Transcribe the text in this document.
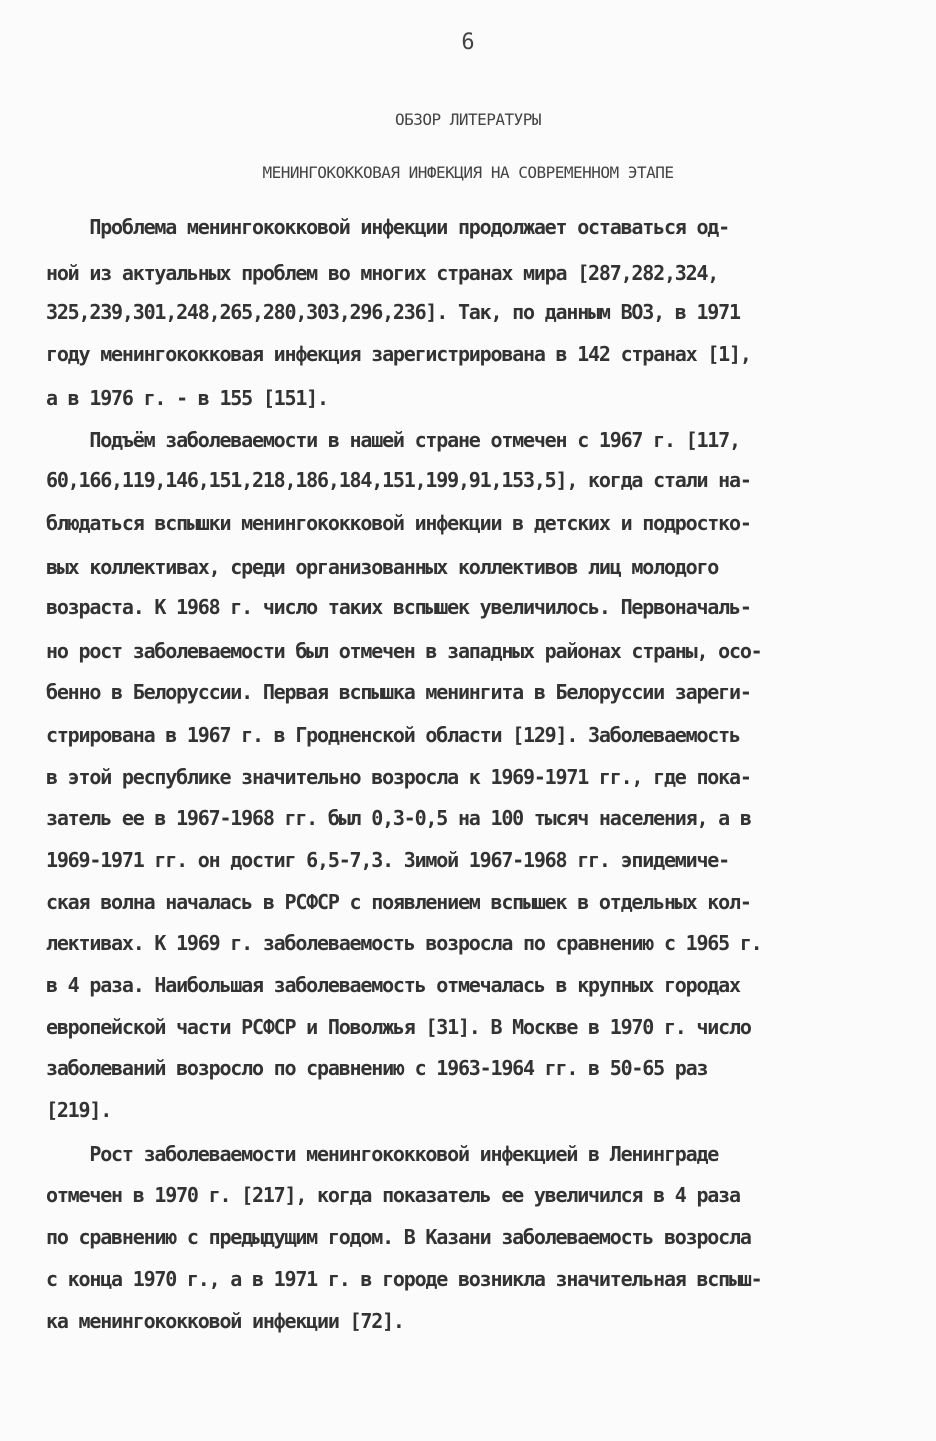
6
ОБЗОР ЛИТЕРАТУРЫ
МЕНИНГОКОККОВАЯ ИНФЕКЦИЯ НА СОВРЕМЕННОМ ЭТАПЕ
Проблема менингококковой инфекции продолжает оставаться од-
ной из актуальных проблем во многих странах мира [287,282,324,
325,239,301,248,265,280,303,296,236]. Так, по данным ВОЗ, в 1971
году менингококковая инфекция зарегистрирована в 142 странах [1],
а в 1976 г. - в 155 [151].
Подъём заболеваемости в нашей стране отмечен с 1967 г. [117,
60,166,119,146,151,218,186,184,151,199,91,153,5], когда стали на-
блюдаться вспышки менингококковой инфекции в детских и подростко-
вых коллективах, среди организованных коллективов лиц молодого
возраста. К 1968 г. число таких вспышек увеличилось. Первоначаль-
но рост заболеваемости был отмечен в западных районах страны, осо-
бенно в Белоруссии. Первая вспышка менингита в Белоруссии зареги-
стрирована в 1967 г. в Гродненской области [129]. Заболеваемость
в этой республике значительно возросла к 1969-1971 гг., где пока-
затель ее в 1967-1968 гг. был 0,3-0,5 на 100 тысяч населения, а в
1969-1971 гг. он достиг 6,5-7,3. Зимой 1967-1968 гг. эпидемиче-
ская волна началась в РСФСР с появлением вспышек в отдельных кол-
лективах. К 1969 г. заболеваемость возросла по сравнению с 1965 г.
в 4 раза. Наибольшая заболеваемость отмечалась в крупных городах
европейской части РСФСР и Поволжья [31]. В Москве в 1970 г. число
заболеваний возросло по сравнению с 1963-1964 гг. в 50-65 раз
[219].
Рост заболеваемости менингококковой инфекцией в Ленинграде
отмечен в 1970 г. [217], когда показатель ее увеличился в 4 раза
по сравнению с предыдущим годом. В Казани заболеваемость возросла
с конца 1970 г., а в 1971 г. в городе возникла значительная вспыш-
ка менингококковой инфекции [72].
